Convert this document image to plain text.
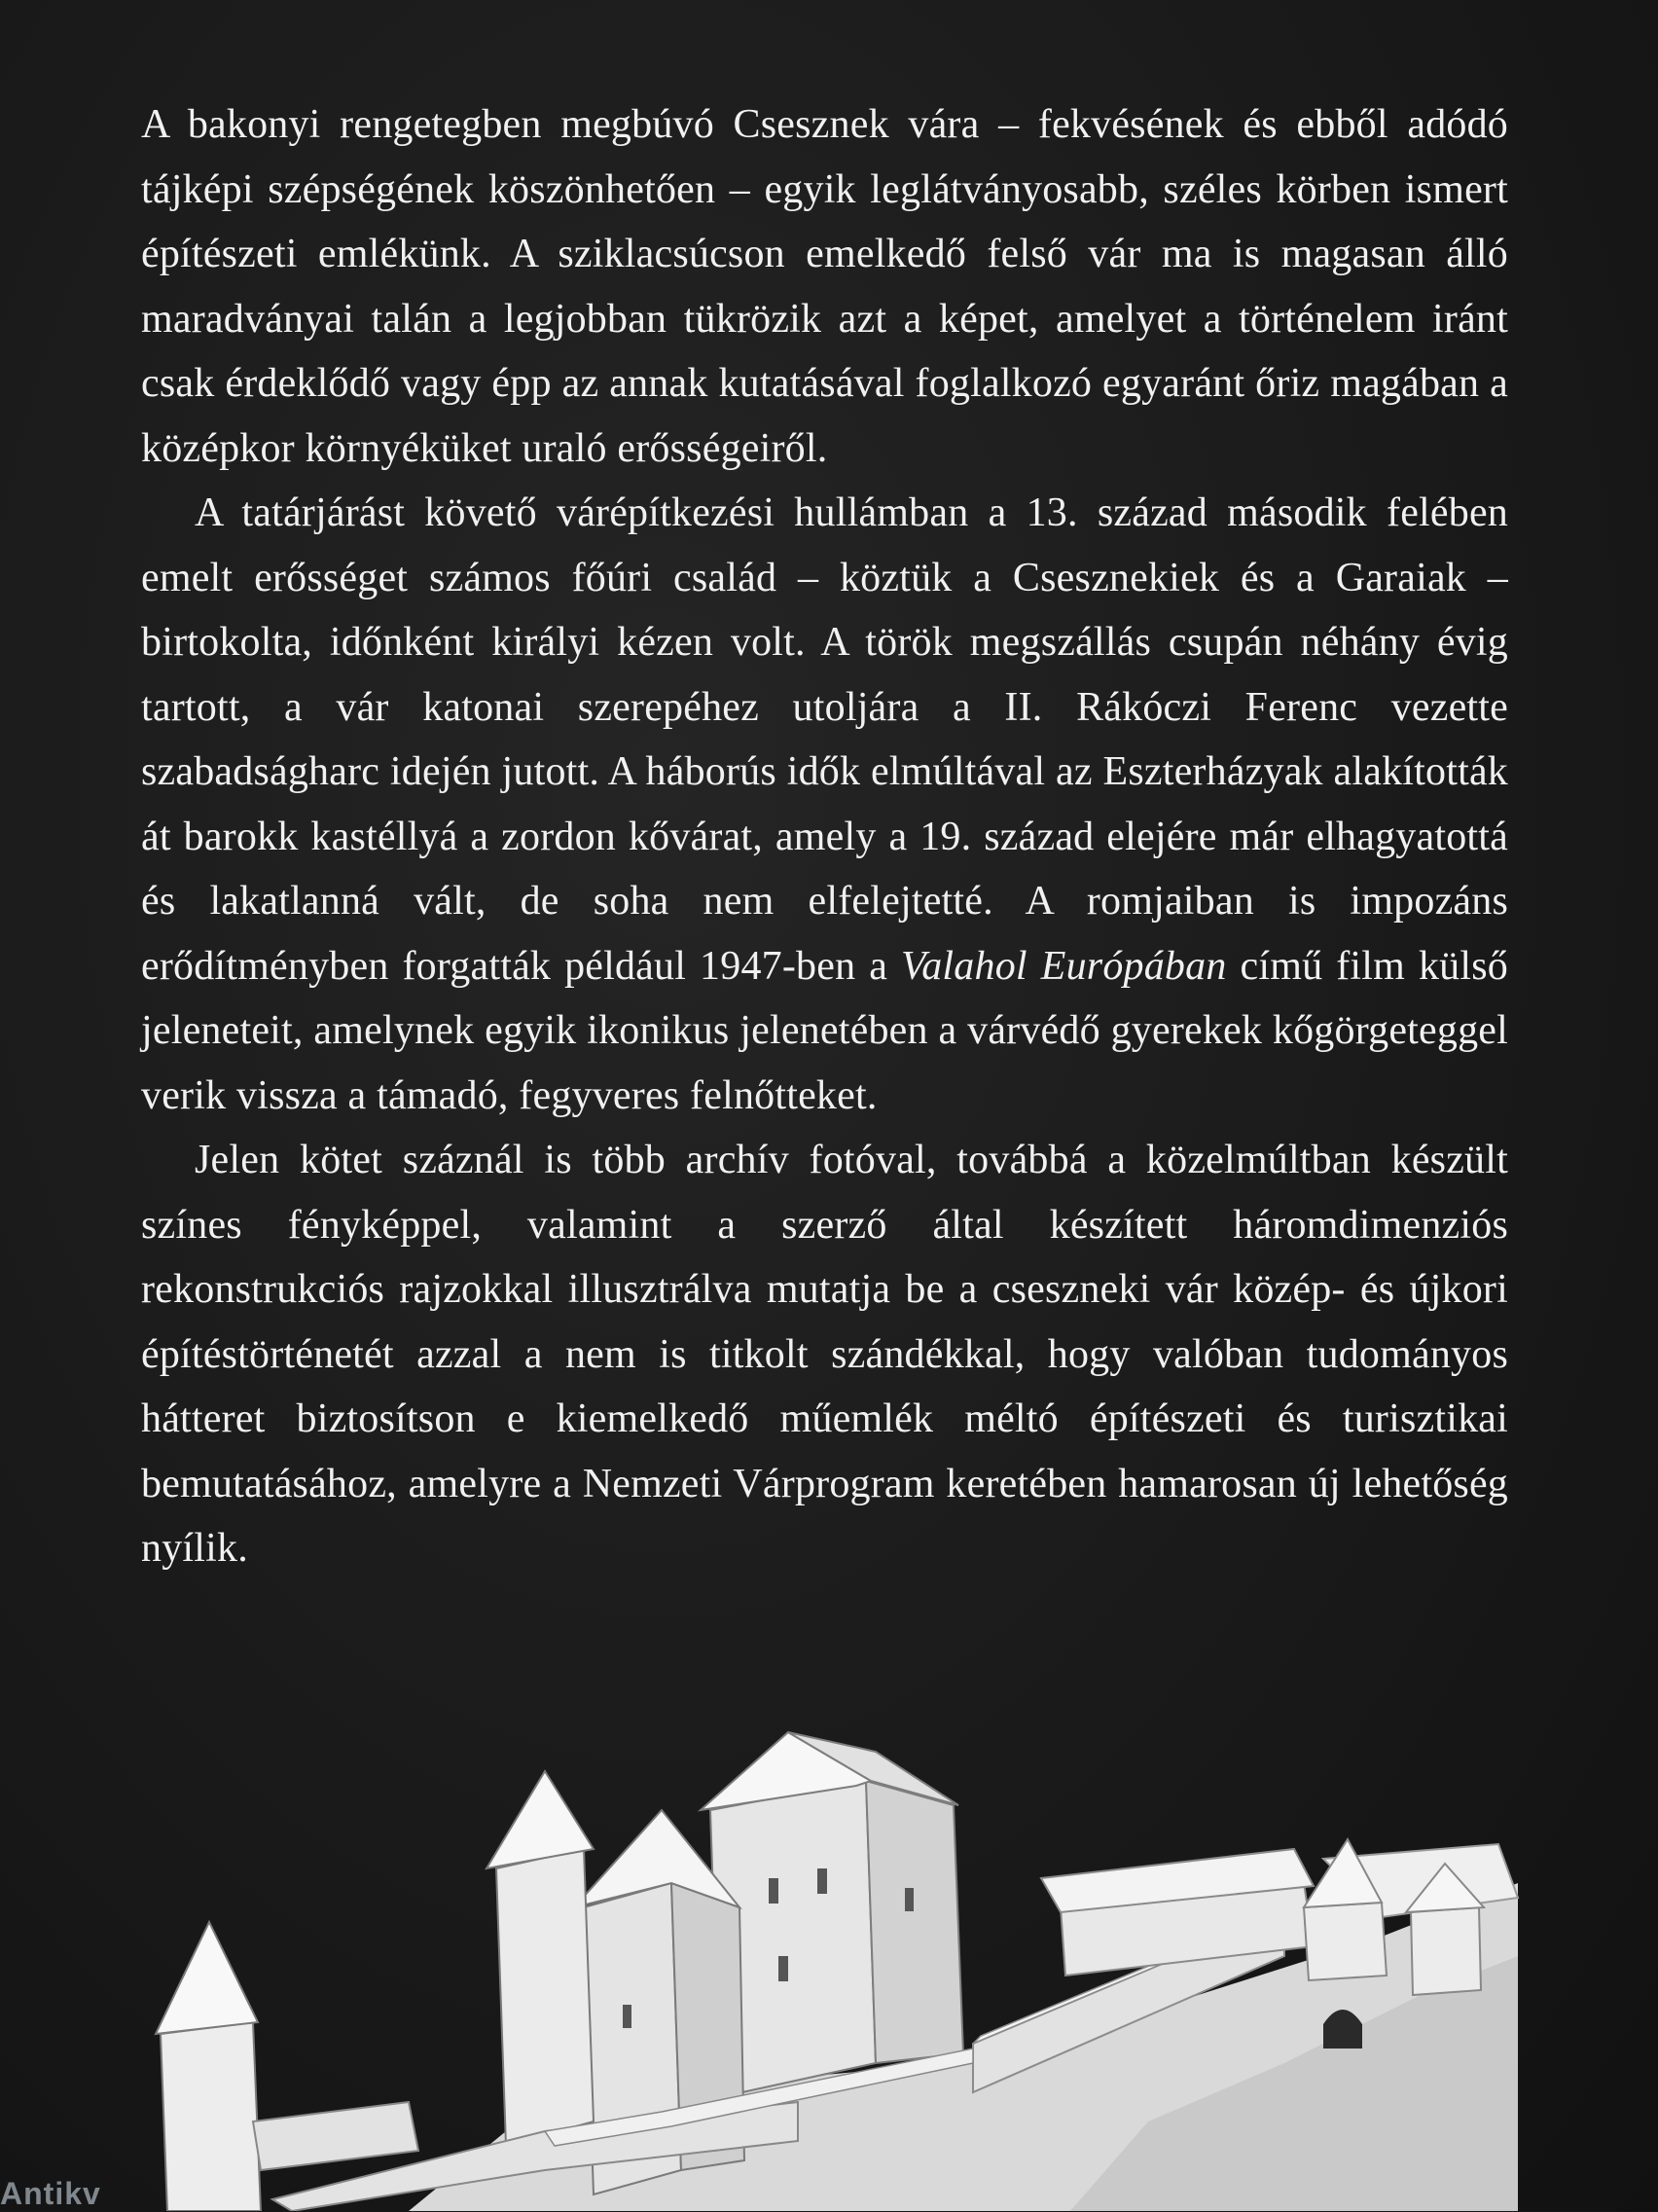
A bakonyi rengetegben megbúvó Csesznek vára – fekvésének és ebből adódó tájképi szépségének köszönhetően – egyik leglátványosabb, széles körben ismert építészeti emlékünk. A sziklacsúcson emelkedő felső vár ma is magasan álló maradványai talán a legjobban tükrözik azt a képet, amelyet a történelem iránt csak érdeklődő vagy épp az annak kutatásával foglalkozó egyaránt őriz magában a középkor környéküket uraló erősségeiről.

A tatárjárást követő várépítkezési hullámban a 13. század második felében emelt erősséget számos főúri család – köztük a Csesznekiek és a Garaiak – birtokolta, időnként királyi kézen volt. A török megszállás csupán néhány évig tartott, a vár katonai szerepéhez utoljára a II. Rákóczi Ferenc vezette szabadságharc idején jutott. A háborús idők elmúltával az Eszterházyak alakították át barokk kastéllyá a zordon kővárat, amely a 19. század elejére már elhagyatottá és lakatlanná vált, de soha nem elfelejtetté. A romjaiban is impozáns erődítményben forgatták például 1947-ben a Valahol Európában című film külső jeleneteit, amelynek egyik ikonikus jelenetében a várvédő gyerekek kőgörgeteggel verik vissza a támadó, fegyveres felnőtteket.

Jelen kötet száznál is több archív fotóval, továbbá a közelmúltban készült színes fényképpel, valamint a szerző által készített háromdimenziós rekonstrukciós rajzokkal illusztrálva mutatja be a cseszneki vár közép- és újkori építéstörténetét azzal a nem is titkolt szándékkal, hogy valóban tudományos hátteret biztosítson e kiemelkedő műemlék méltó építészeti és turisztikai bemutatásához, amelyre a Nemzeti Várprogram keretében hamarosan új lehetőség nyílik.

Antikv
